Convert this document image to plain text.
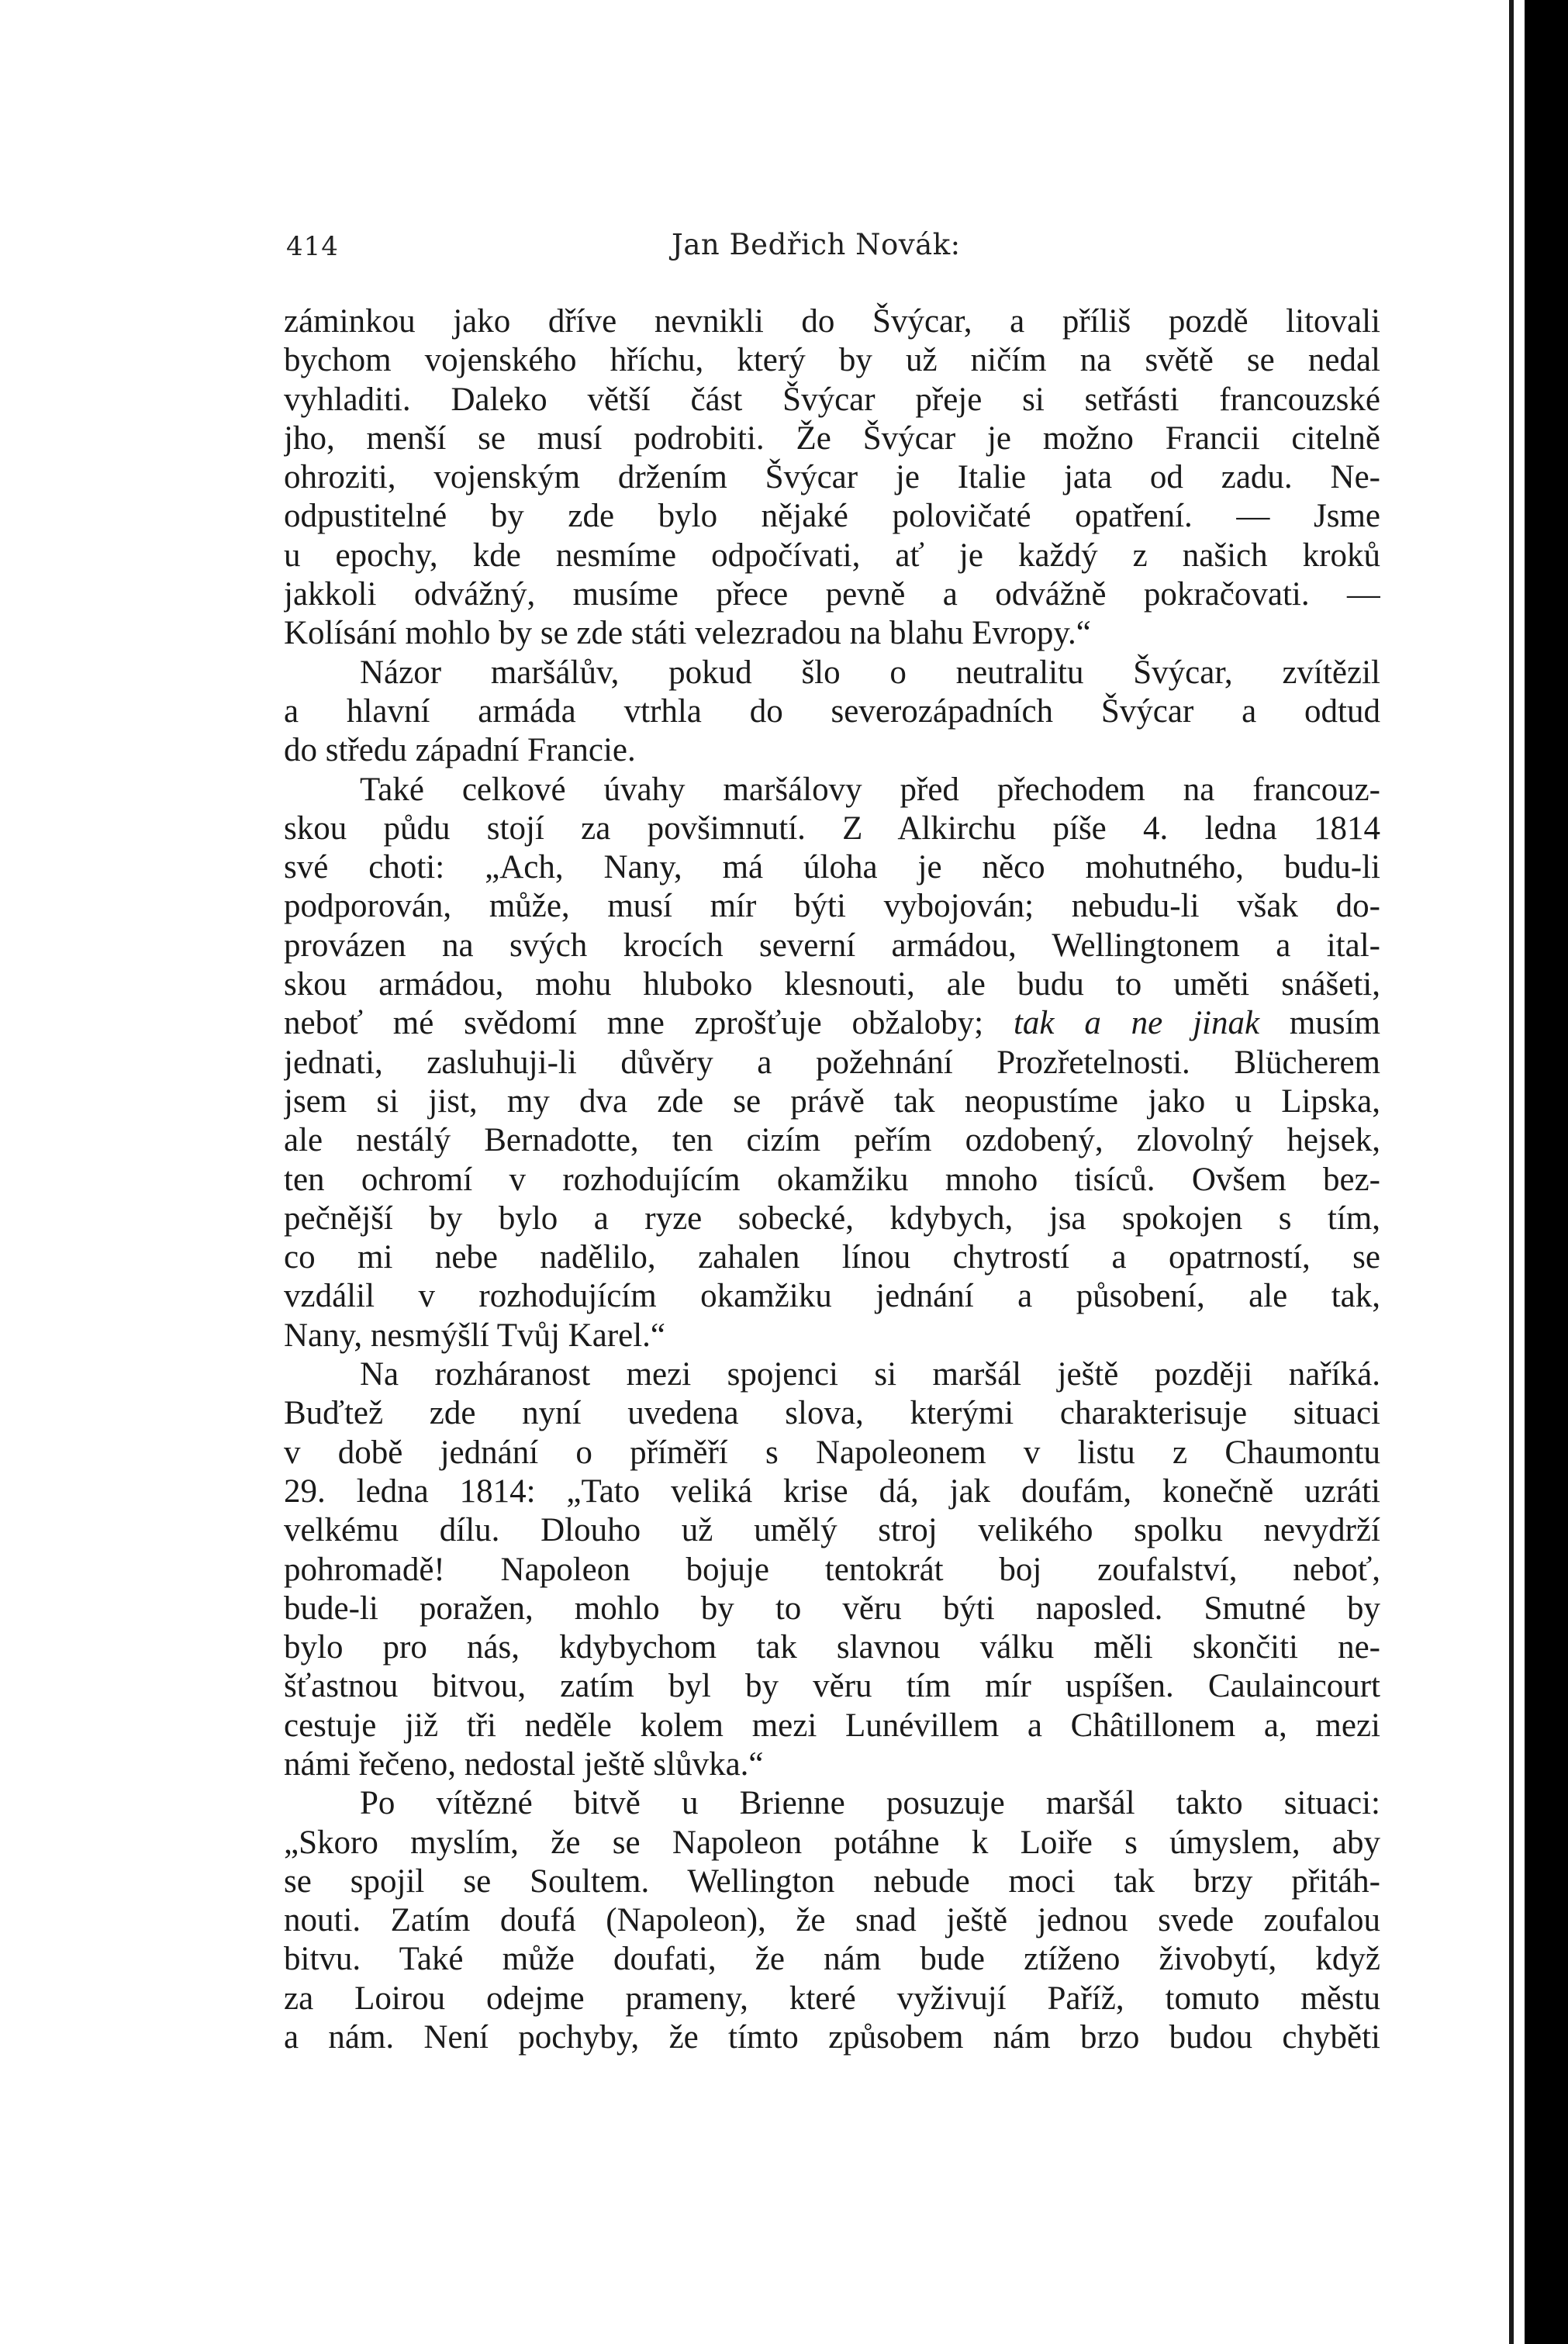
414	Jan Bedřich Novák:
záminkou jako dříve nevnikli do Švýcar, a příliš pozdě litovali
bychom vojenského hříchu, který by už ničím na světě se nedal
vyhladiti. Daleko větší část Švýcar přeje si setřásti francouzské
jho, menší se musí podrobiti. Že Švýcar je možno Francii citelně
ohroziti, vojenským držením Švýcar je Italie jata od zadu. Ne-
odpustitelné by zde bylo nějaké polovičaté opatření. — Jsme
u epochy, kde nesmíme odpočívati, ať je každý z našich kroků
jakkoli odvážný, musíme přece pevně a odvážně pokračovati. —
Kolísání mohlo by se zde státi velezradou na blahu Evropy.“
Názor maršálův, pokud šlo o neutralitu Švýcar, zvítězil
a hlavní armáda vtrhla do severozápadních Švýcar a odtud
do středu západní Francie.
Také celkové úvahy maršálovy před přechodem na francouz-
skou půdu stojí za povšimnutí. Z Alkirchu píše 4. ledna 1814
své choti: „Ach, Nany, má úloha je něco mohutného, budu-li
podporován, může, musí mír býti vybojován; nebudu-li však do-
provázen na svých krocích severní armádou, Wellingtonem a ital-
skou armádou, mohu hluboko klesnouti, ale budu to uměti snášeti,
neboť mé svědomí mne zprošťuje obžaloby; tak a ne jinak musím
jednati, zasluhuji-li důvěry a požehnání Prozřetelnosti. Blücherem
jsem si jist, my dva zde se právě tak neopustíme jako u Lipska,
ale nestálý Bernadotte, ten cizím peřím ozdobený, zlovolný hejsek,
ten ochromí v rozhodujícím okamžiku mnoho tisíců. Ovšem bez-
pečnější by bylo a ryze sobecké, kdybych, jsa spokojen s tím,
co mi nebe nadělilo, zahalen línou chytrostí a opatrností, se
vzdálil v rozhodujícím okamžiku jednání a působení, ale tak,
Nany, nesmýšlí Tvůj Karel.“
Na rozháranost mezi spojenci si maršál ještě později naříká.
Buďtež zde nyní uvedena slova, kterými charakterisuje situaci
v době jednání o příměří s Napoleonem v listu z Chaumontu
29. ledna 1814: „Tato veliká krise dá, jak doufám, konečně uzráti
velkému dílu. Dlouho už umělý stroj velikého spolku nevydrží
pohromadě! Napoleon bojuje tentokrát boj zoufalství, neboť,
bude-li poražen, mohlo by to věru býti naposled. Smutné by
bylo pro nás, kdybychom tak slavnou válku měli skončiti ne-
šťastnou bitvou, zatím byl by věru tím mír uspíšen. Caulaincourt
cestuje již tři neděle kolem mezi Lunévillem a Châtillonem a, mezi
námi řečeno, nedostal ještě slůvka.“
Po vítězné bitvě u Brienne posuzuje maršál takto situaci:
„Skoro myslím, že se Napoleon potáhne k Loiře s úmyslem, aby
se spojil se Soultem. Wellington nebude moci tak brzy přitáh-
nouti. Zatím doufá (Napoleon), že snad ještě jednou svede zoufalou
bitvu. Také může doufati, že nám bude ztíženo živobytí, když
za Loirou odejme prameny, které vyživují Paříž, tomuto městu
a nám. Není pochyby, že tímto způsobem nám brzo budou chyběti
